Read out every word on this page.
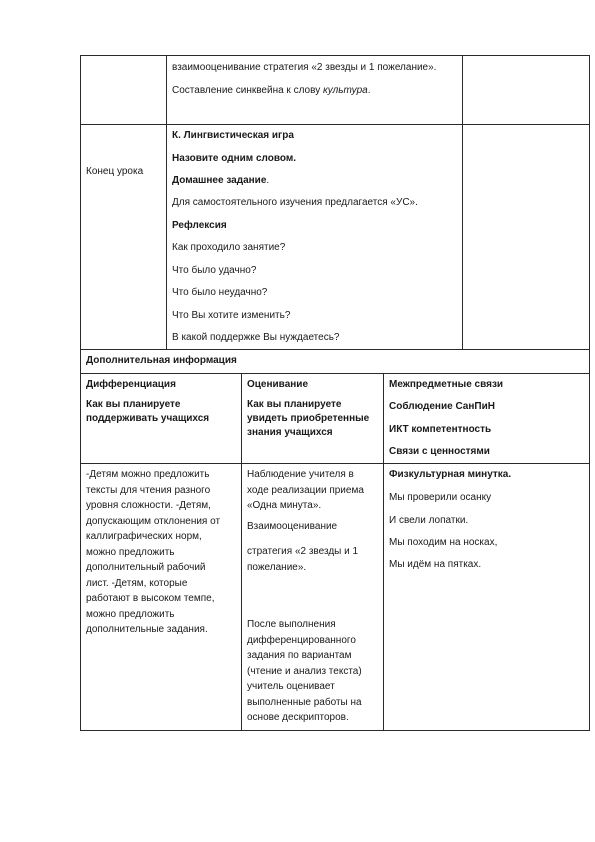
взаимооценивание стратегия «2 звезды и 1 пожелание».
Составление синквейна к слову культура.
Конец урока
К. Лингвистическая игра
Назовите одним словом.
Домашнее задание.
Для самостоятельного изучения предлагается «УС».
Рефлексия
Как проходило занятие?
Что было удачно?
Что было неудачно?
Что Вы хотите изменить?
В какой поддержке Вы нуждаетесь?
Дополнительная информация
Дифференциация
Как вы планируете
поддерживать учащихся
Оценивание
Как вы планируете
увидеть приобретенные
знания учащихся
Межпредметные связи
Соблюдение СанПиН
ИКТ компетентность
Связи с ценностями
-Детям можно предложить
тексты для чтения разного
уровня сложности. -Детям,
допускающим отклонения от
каллиграфических норм,
можно предложить
дополнительный рабочий
лист. -Детям, которые
работают в высоком темпе,
можно предложить
дополнительные задания.
Наблюдение учителя в
ходе реализации приема
«Одна минута».
Взаимооценивание
стратегия «2 звезды и 1
пожелание».
После выполнения
дифференцированного
задания по вариантам
(чтение и анализ текста)
учитель оценивает
выполненные работы на
основе дескрипторов.
Физкультурная минутка.
Мы проверили осанку
И свели лопатки.
Мы походим на носках,
Мы идём на пятках.
